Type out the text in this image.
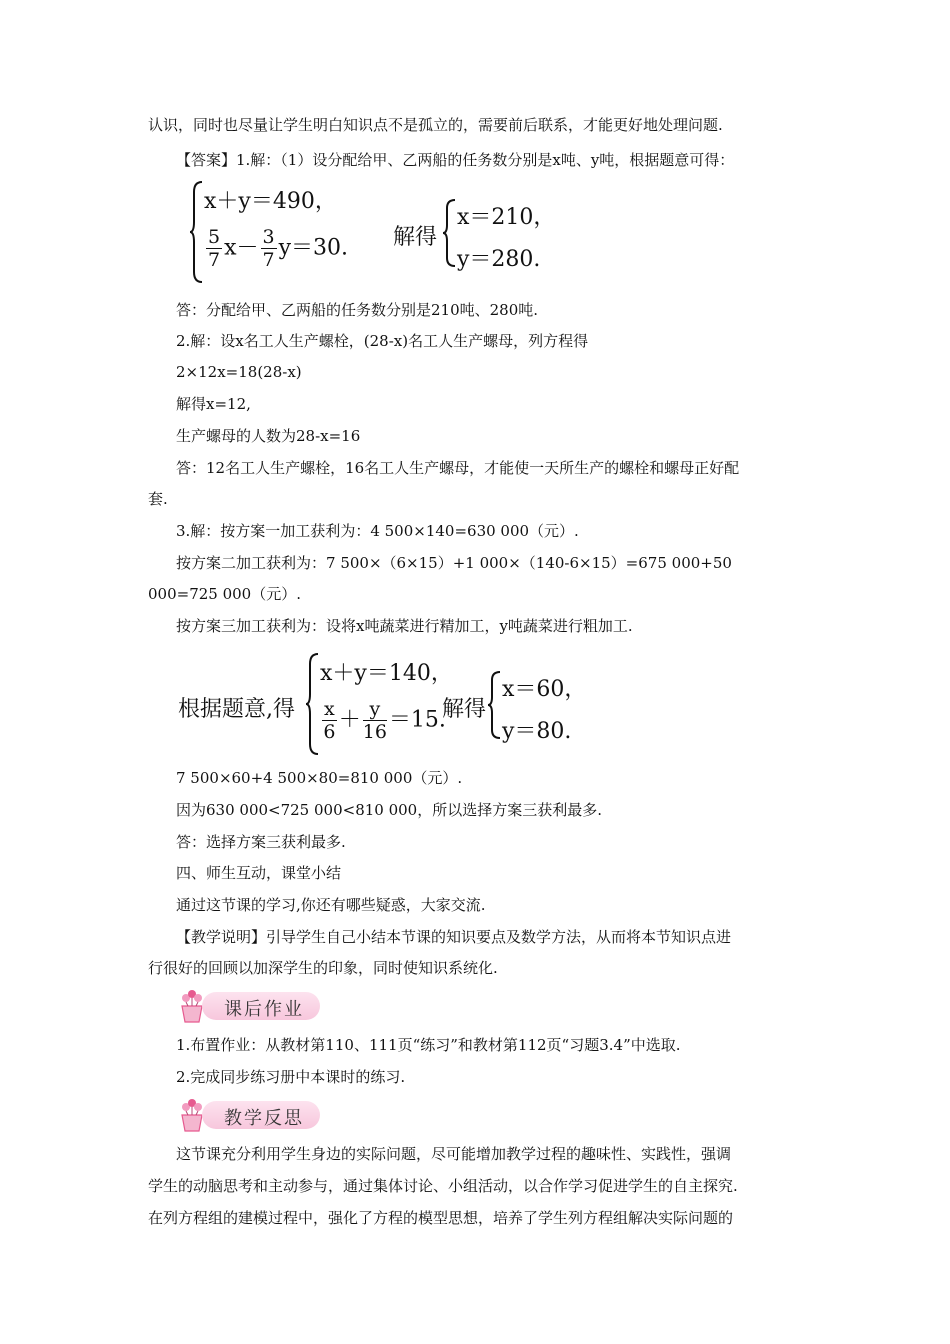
认识，同时也尽量让学生明白知识点不是孤立的，需要前后联系，才能更好地处理问题.
【答案】1.解：（1）设分配给甲、乙两船的任务数分别是x吨、y吨，根据题意可得：
x＋y＝490，
$\frac{5}{7} x- \frac{3}{7} y=30$. 解得
x＝210，
y＝280.
答：分配给甲、乙两船的任务数分别是210吨、280吨.
2.解：设x名工人生产螺栓，(28-x)名工人生产螺母，列方程得
2×12x=18(28-x)
解得x=12,
生产螺母的人数为28-x=16
答：12名工人生产螺栓，16名工人生产螺母，才能使一天所生产的螺栓和螺母正好配
套.
3.解：按方案一加工获利为：4 500×140=630 000（元）.
按方案二加工获利为：7 500×（6×15）+1 000×（140-6×15）=675 000+50
000=725 000（元）.
按方案三加工获利为：设将x吨蔬菜进行精加工，y吨蔬菜进行粗加工.
根据题意,得
x＋y＝140，
$\frac{x}{6} + \frac{y}{16} =15$.
解得
x＝60，
y＝80.
7 500×60+4 500×80=810 000（元）.
因为630 000<725 000<810 000，所以选择方案三获利最多.
答：选择方案三获利最多.
四、师生互动，课堂小结
通过这节课的学习,你还有哪些疑惑，大家交流.
【教学说明】引导学生自己小结本节课的知识要点及数学方法，从而将本节知识点进
行很好的回顾以加深学生的印象，同时使知识系统化.
课后作业
1.布置作业：从教材第110、111页“练习”和教材第112页“习题3.4”中选取.
2.完成同步练习册中本课时的练习.
教学反思
这节课充分利用学生身边的实际问题，尽可能增加教学过程的趣味性、实践性，强调
学生的动脑思考和主动参与，通过集体讨论、小组活动，以合作学习促进学生的自主探究.
在列方程组的建模过程中，强化了方程的模型思想，培养了学生列方程组解决实际问题的
